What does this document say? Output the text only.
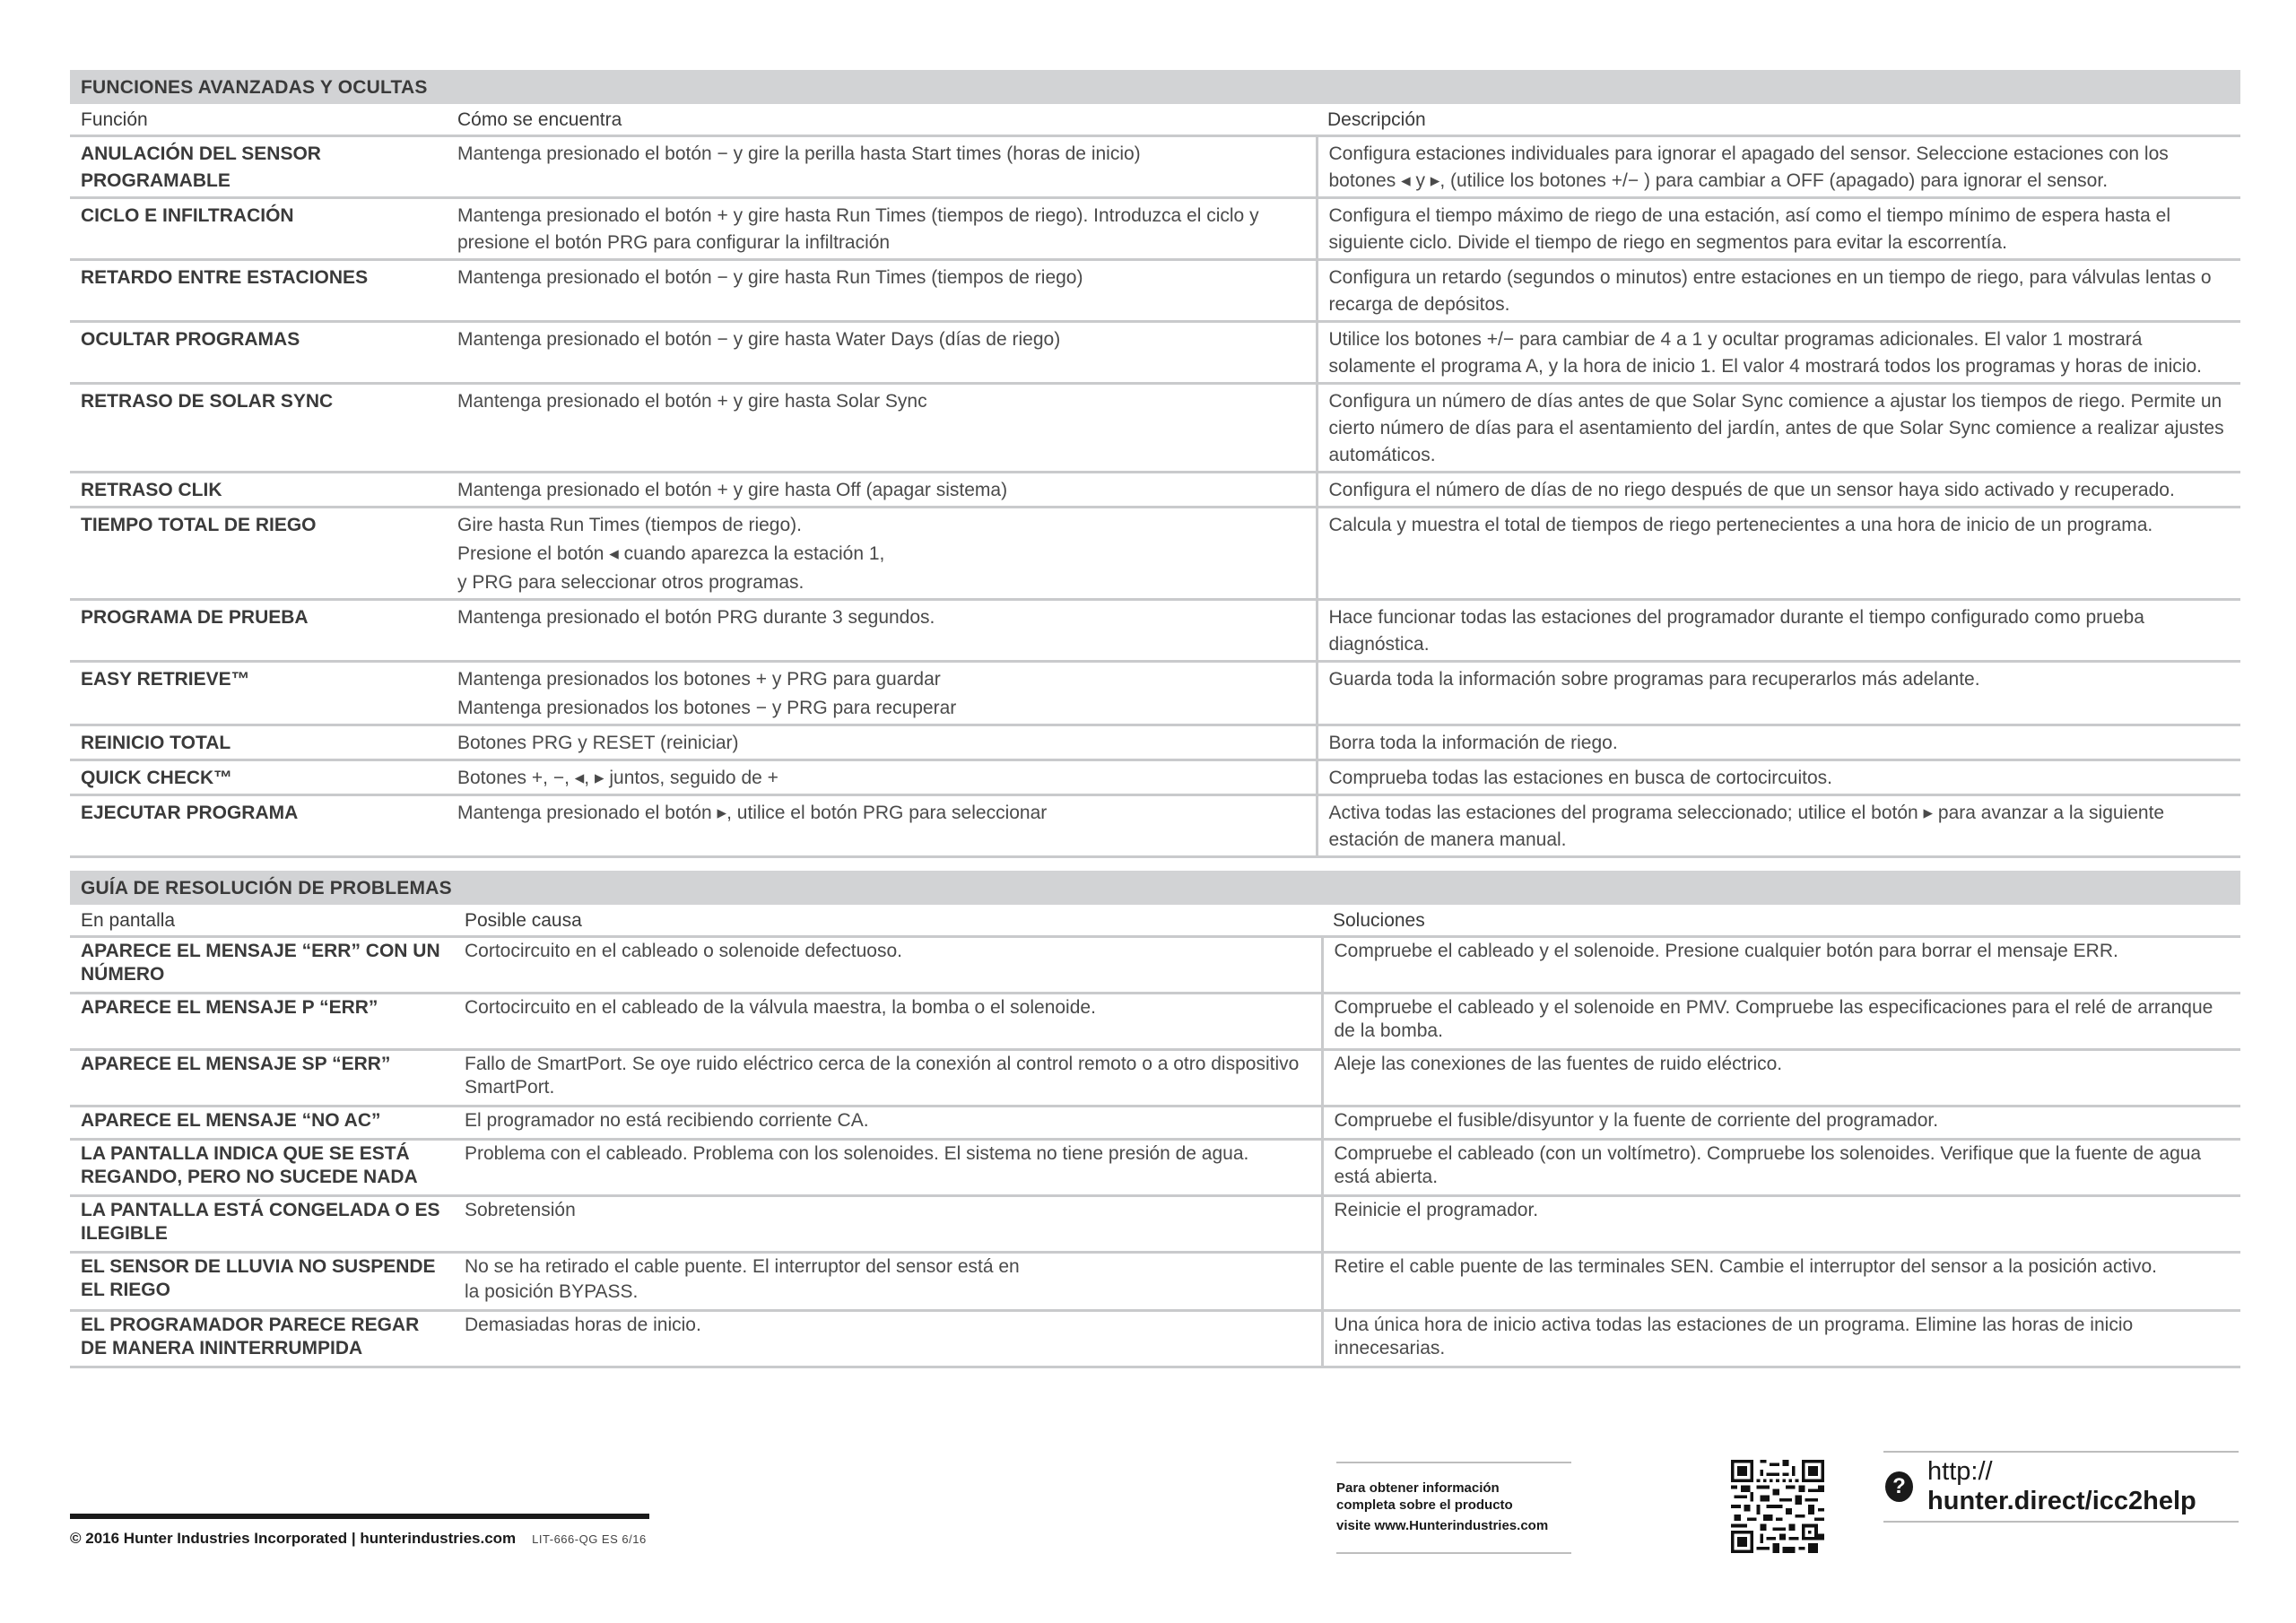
FUNCIONES AVANZADAS Y OCULTAS		
Función	Cómo se encuentra	Descripción
ANULACIÓN DEL SENSOR PROGRAMABLE	Mantenga presionado el botón − y gire la perilla hasta Start times (horas de inicio)	Configura estaciones individuales para ignorar el apagado del sensor. Seleccione estaciones con los botones ◂ y ▸, (utilice los botones +/− ) para cambiar a OFF (apagado) para ignorar el sensor.

CICLO E INFILTRACIÓN	Mantenga presionado el botón + y gire hasta Run Times (tiempos de riego). Introduzca el ciclo y presione el botón PRG para configurar la infiltración	Configura el tiempo máximo de riego de una estación, así como el tiempo mínimo de espera hasta el siguiente ciclo. Divide el tiempo de riego en segmentos para evitar la escorrentía.

RETARDO ENTRE ESTACIONES	Mantenga presionado el botón − y gire hasta Run Times (tiempos de riego)	Configura un retardo (segundos o minutos) entre estaciones en un tiempo de riego, para válvulas lentas o recarga de depósitos.

OCULTAR PROGRAMAS	Mantenga presionado el botón − y gire hasta Water Days (días de riego)	Utilice los botones +/− para cambiar de 4 a 1 y ocultar programas adicionales. El valor 1 mostrará solamente el programa A, y la hora de inicio 1. El valor 4 mostrará todos los programas y horas de inicio.

RETRASO DE SOLAR SYNC	Mantenga presionado el botón + y gire hasta Solar Sync	Configura un número de días antes de que Solar Sync comience a ajustar los tiempos de riego. Permite un cierto número de días para el asentamiento del jardín, antes de que Solar Sync comience a realizar ajustes automáticos.

RETRASO CLIK	Mantenga presionado el botón + y gire hasta Off (apagar sistema)	Configura el número de días de no riego después de que un sensor haya sido activado y recuperado.

TIEMPO TOTAL DE RIEGO	Gire hasta Run Times (tiempos de riego).
Presione el botón ◂ cuando aparezca la estación 1,
y PRG para seleccionar otros programas.	Calcula y muestra el total de tiempos de riego pertenecientes a una hora de inicio de un programa.

PROGRAMA DE PRUEBA	Mantenga presionado el botón PRG durante 3 segundos.	Hace funcionar todas las estaciones del programador durante el tiempo configurado como prueba diagnóstica.

EASY RETRIEVE™	Mantenga presionados los botones + y PRG para guardar
Mantenga presionados los botones − y PRG para recuperar	Guarda toda la información sobre programas para recuperarlos más adelante.

REINICIO TOTAL	Botones PRG y RESET (reiniciar)	Borra toda la información de riego.

QUICK CHECK™	Botones +, −, ◂, ▸ juntos, seguido de +	Comprueba todas las estaciones en busca de cortocircuitos.

EJECUTAR PROGRAMA	Mantenga presionado el botón ▸, utilice el botón PRG para seleccionar	Activa todas las estaciones del programa seleccionado; utilice el botón ▸ para avanzar a la siguiente estación de manera manual.
GUÍA DE RESOLUCIÓN DE PROBLEMAS		
En pantalla	Posible causa	Soluciones
APARECE EL MENSAJE “ERR” CON UN NÚMERO	Cortocircuito en el cableado o solenoide defectuoso.	Compruebe el cableado y el solenoide. Presione cualquier botón para borrar el mensaje ERR.

APARECE EL MENSAJE P “ERR”	Cortocircuito en el cableado de la válvula maestra, la bomba o el solenoide.	Compruebe el cableado y el solenoide en PMV. Compruebe las especificaciones para el relé de arranque de la bomba.

APARECE EL MENSAJE SP “ERR”	Fallo de SmartPort. Se oye ruido eléctrico cerca de la conexión al control remoto o a otro dispositivo SmartPort.	Aleje las conexiones de las fuentes de ruido eléctrico.

APARECE EL MENSAJE “NO AC”	El programador no está recibiendo corriente CA.	Compruebe el fusible/disyuntor y la fuente de corriente del programador.

LA PANTALLA INDICA QUE SE ESTÁ REGANDO, PERO NO SUCEDE NADA	Problema con el cableado. Problema con los solenoides. El sistema no tiene presión de agua.	Compruebe el cableado (con un voltímetro). Compruebe los solenoides. Verifique que la fuente de agua está abierta.

LA PANTALLA ESTÁ CONGELADA O ES ILEGIBLE	Sobretensión	Reinicie el programador.

EL SENSOR DE LLUVIA NO SUSPENDE EL RIEGO	No se ha retirado el cable puente. El interruptor del sensor está en
la posición BYPASS.	Retire el cable puente de las terminales SEN. Cambie el interruptor del sensor a la posición activo.

EL PROGRAMADOR PARECE REGAR DE MANERA ININTERRUMPIDA	Demasiadas horas de inicio.	Una única hora de inicio activa todas las estaciones de un programa. Elimine las horas de inicio innecesarias.
© 2016 Hunter Industries Incorporated | hunterindustries.com LIT-666-QG ES 6/16
Para obtener información
completa sobre el producto
visite www.Hunterindustries.com
?
http:// hunter.direct/icc2help
